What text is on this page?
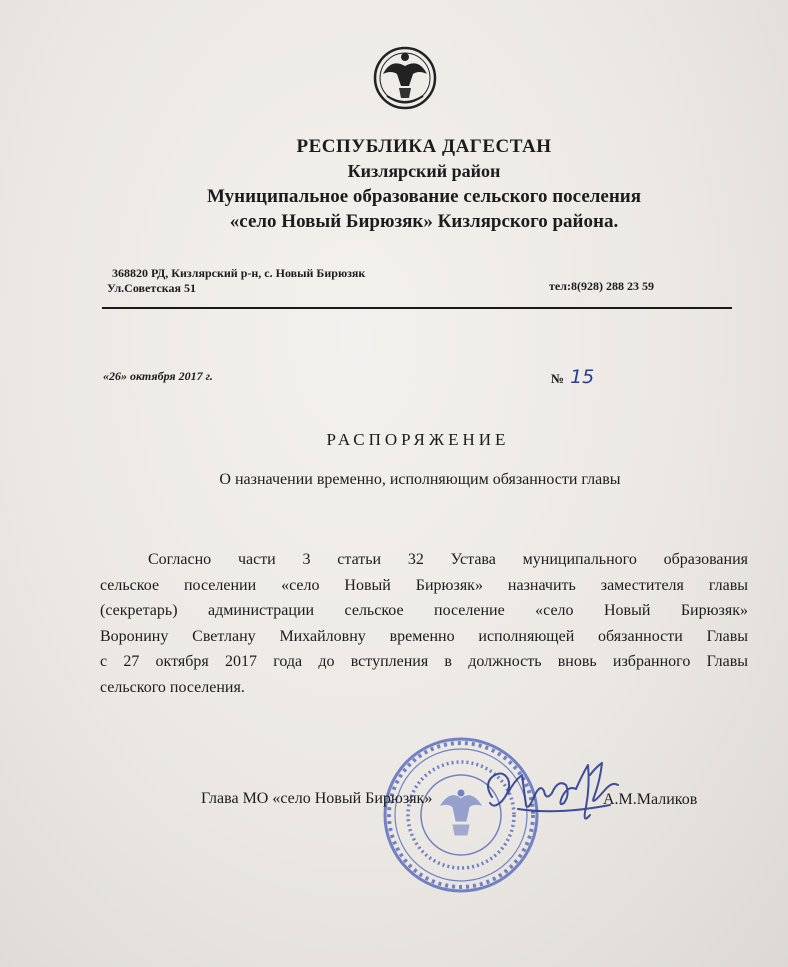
РЕСПУБЛИКА ДАГЕСТАН
Кизлярский район
Муниципальное образование сельского поселения
«село Новый Бирюзяк» Кизлярского района.
368820 РД, Кизлярский р-н, с. Новый Бирюзяк
Ул.Советская 51	тел:8(928) 288 23 59
«26» октября 2017 г.	№ 15
РАСПОРЯЖЕНИЕ
О назначении временно, исполняющим обязанности главы
Согласно части 3 статьи 32 Устава муниципального образования
сельское поселении «село Новый Бирюзяк» назначить заместителя главы
(секретарь) администрации сельское поселение «село Новый Бирюзяк»
Воронину Светлану Михайловну временно исполняющей обязанности Главы
с 27 октября 2017 года до вступления в должность вновь избранного Главы
сельского поселения.
Глава МО «село Новый Бирюзяк»	А.М.Маликов
